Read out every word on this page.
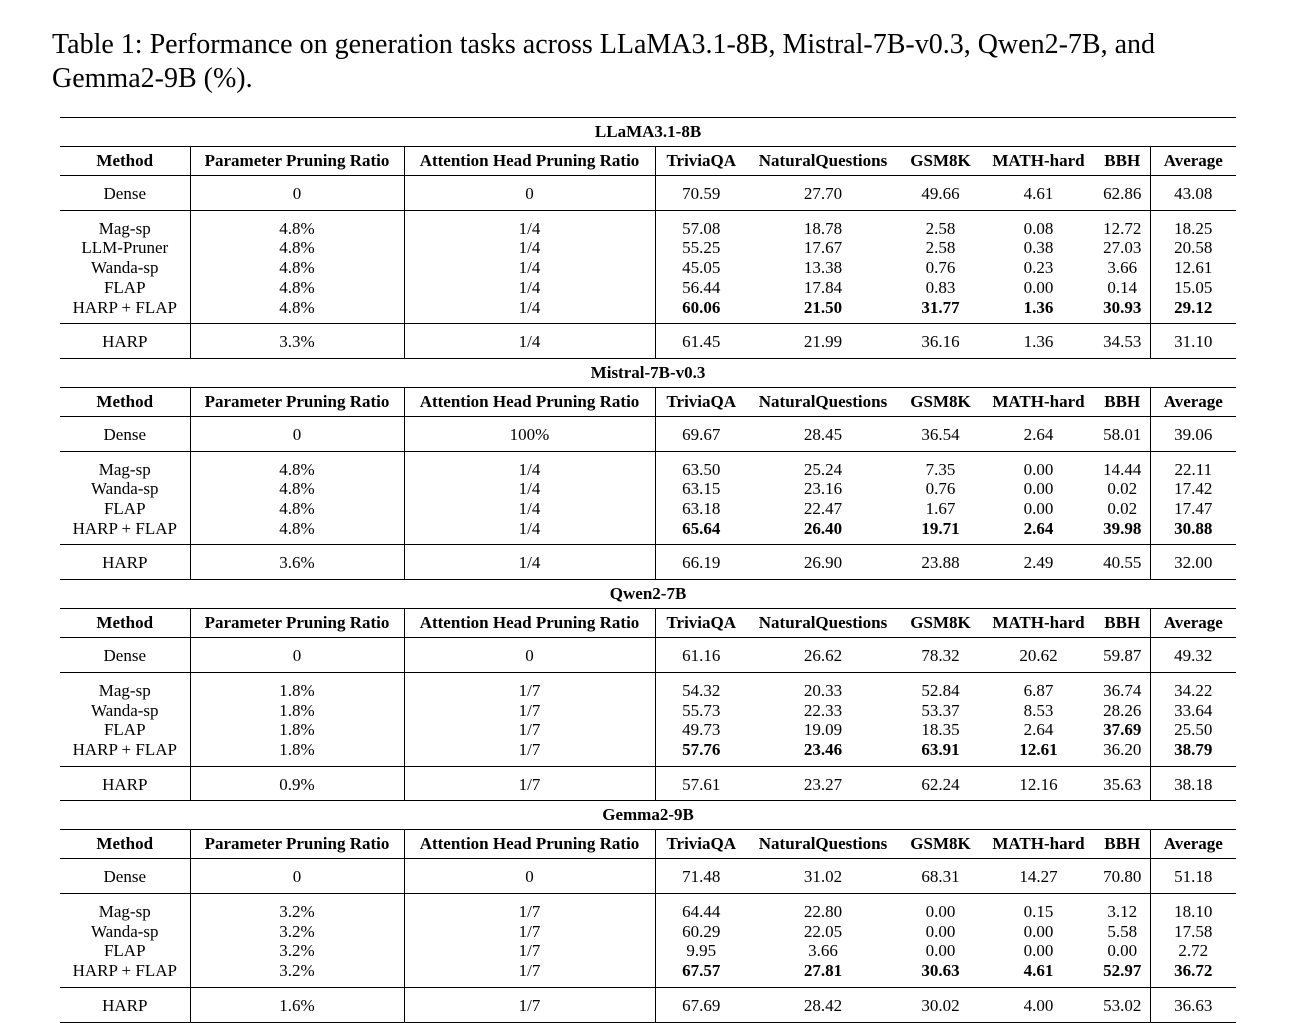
Table 1: Performance on generation tasks across LLaMA3.1-8B, Mistral-7B-v0.3, Qwen2-7B, and Gemma2-9B (%).
LLaMA3.1-8B								
Method	Parameter Pruning Ratio	Attention Head Pruning Ratio	TriviaQA	NaturalQuestions	GSM8K	MATH-hard	BBH	Average
Dense	0	0	70.59	27.70	49.66	4.61	62.86	43.08
Mag-sp	4.8%	1/4	57.08	18.78	2.58	0.08	12.72	18.25
LLM-Pruner	4.8%	1/4	55.25	17.67	2.58	0.38	27.03	20.58
Wanda-sp	4.8%	1/4	45.05	13.38	0.76	0.23	3.66	12.61
FLAP	4.8%	1/4	56.44	17.84	0.83	0.00	0.14	15.05
HARP + FLAP	4.8%	1/4	60.06	21.50	31.77	1.36	30.93	29.12
HARP	3.3%	1/4	61.45	21.99	36.16	1.36	34.53	31.10
Mistral-7B-v0.3								
Method	Parameter Pruning Ratio	Attention Head Pruning Ratio	TriviaQA	NaturalQuestions	GSM8K	MATH-hard	BBH	Average
Dense	0	100%	69.67	28.45	36.54	2.64	58.01	39.06
Mag-sp	4.8%	1/4	63.50	25.24	7.35	0.00	14.44	22.11
Wanda-sp	4.8%	1/4	63.15	23.16	0.76	0.00	0.02	17.42
FLAP	4.8%	1/4	63.18	22.47	1.67	0.00	0.02	17.47
HARP + FLAP	4.8%	1/4	65.64	26.40	19.71	2.64	39.98	30.88
HARP	3.6%	1/4	66.19	26.90	23.88	2.49	40.55	32.00
Qwen2-7B								
Method	Parameter Pruning Ratio	Attention Head Pruning Ratio	TriviaQA	NaturalQuestions	GSM8K	MATH-hard	BBH	Average
Dense	0	0	61.16	26.62	78.32	20.62	59.87	49.32
Mag-sp	1.8%	1/7	54.32	20.33	52.84	6.87	36.74	34.22
Wanda-sp	1.8%	1/7	55.73	22.33	53.37	8.53	28.26	33.64
FLAP	1.8%	1/7	49.73	19.09	18.35	2.64	37.69	25.50
HARP + FLAP	1.8%	1/7	57.76	23.46	63.91	12.61	36.20	38.79
HARP	0.9%	1/7	57.61	23.27	62.24	12.16	35.63	38.18
Gemma2-9B								
Method	Parameter Pruning Ratio	Attention Head Pruning Ratio	TriviaQA	NaturalQuestions	GSM8K	MATH-hard	BBH	Average
Dense	0	0	71.48	31.02	68.31	14.27	70.80	51.18
Mag-sp	3.2%	1/7	64.44	22.80	0.00	0.15	3.12	18.10
Wanda-sp	3.2%	1/7	60.29	22.05	0.00	0.00	5.58	17.58
FLAP	3.2%	1/7	9.95	3.66	0.00	0.00	0.00	2.72
HARP + FLAP	3.2%	1/7	67.57	27.81	30.63	4.61	52.97	36.72
HARP	1.6%	1/7	67.69	28.42	30.02	4.00	53.02	36.63
